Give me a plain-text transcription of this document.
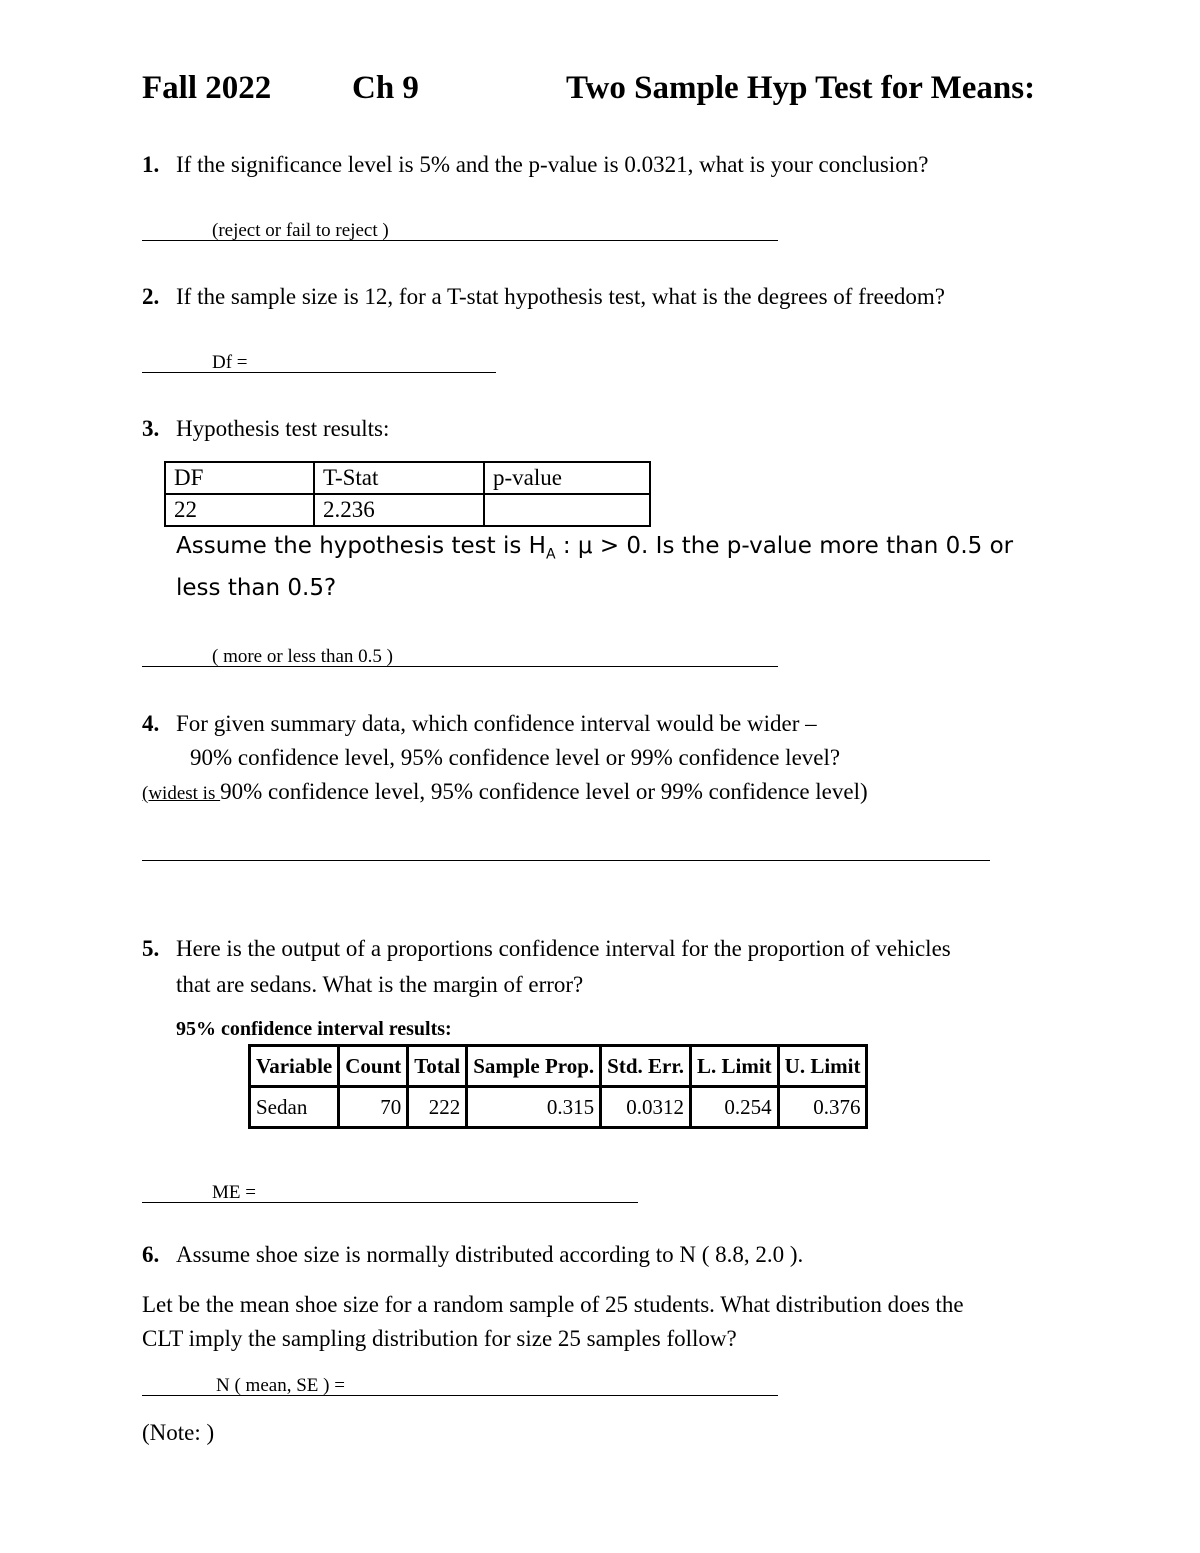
Fall 2022 Ch 9	Two Sample Hyp Test for Means:
1. If the significance level is 5% and the p-value is 0.0321, what is your conclusion?
(reject or fail to reject )
2. If the sample size is 12, for a T-stat hypothesis test, what is the degrees of freedom?
Df =
3. Hypothesis test results:
DF	T-Stat	p-value
22	2.236	
Assume the hypothesis test is $H_A$ : μ > 0. Is the p-value more than 0.5 or
less than 0.5?
( more or less than 0.5 )
4. For given summary data, which confidence interval would be wider –
90% confidence level, 95% confidence level or 99% confidence level?
(widest is 90% confidence level, 95% confidence level or 99% confidence level)
5. Here is the output of a proportions confidence interval for the proportion of vehicles
that are sedans. What is the margin of error?
95% confidence interval results:
Variable	Count	Total	Sample Prop.	Std. Err.	L. Limit	U. Limit
Sedan	70	222	0.315	0.0312	0.254	0.376
ME =
6. Assume shoe size is normally distributed according to N ( 8.8, 2.0 ).
Let be the mean shoe size for a random sample of 25 students. What distribution does the
CLT imply the sampling distribution for size 25 samples follow?
N ( mean, SE ) =
(Note: )
